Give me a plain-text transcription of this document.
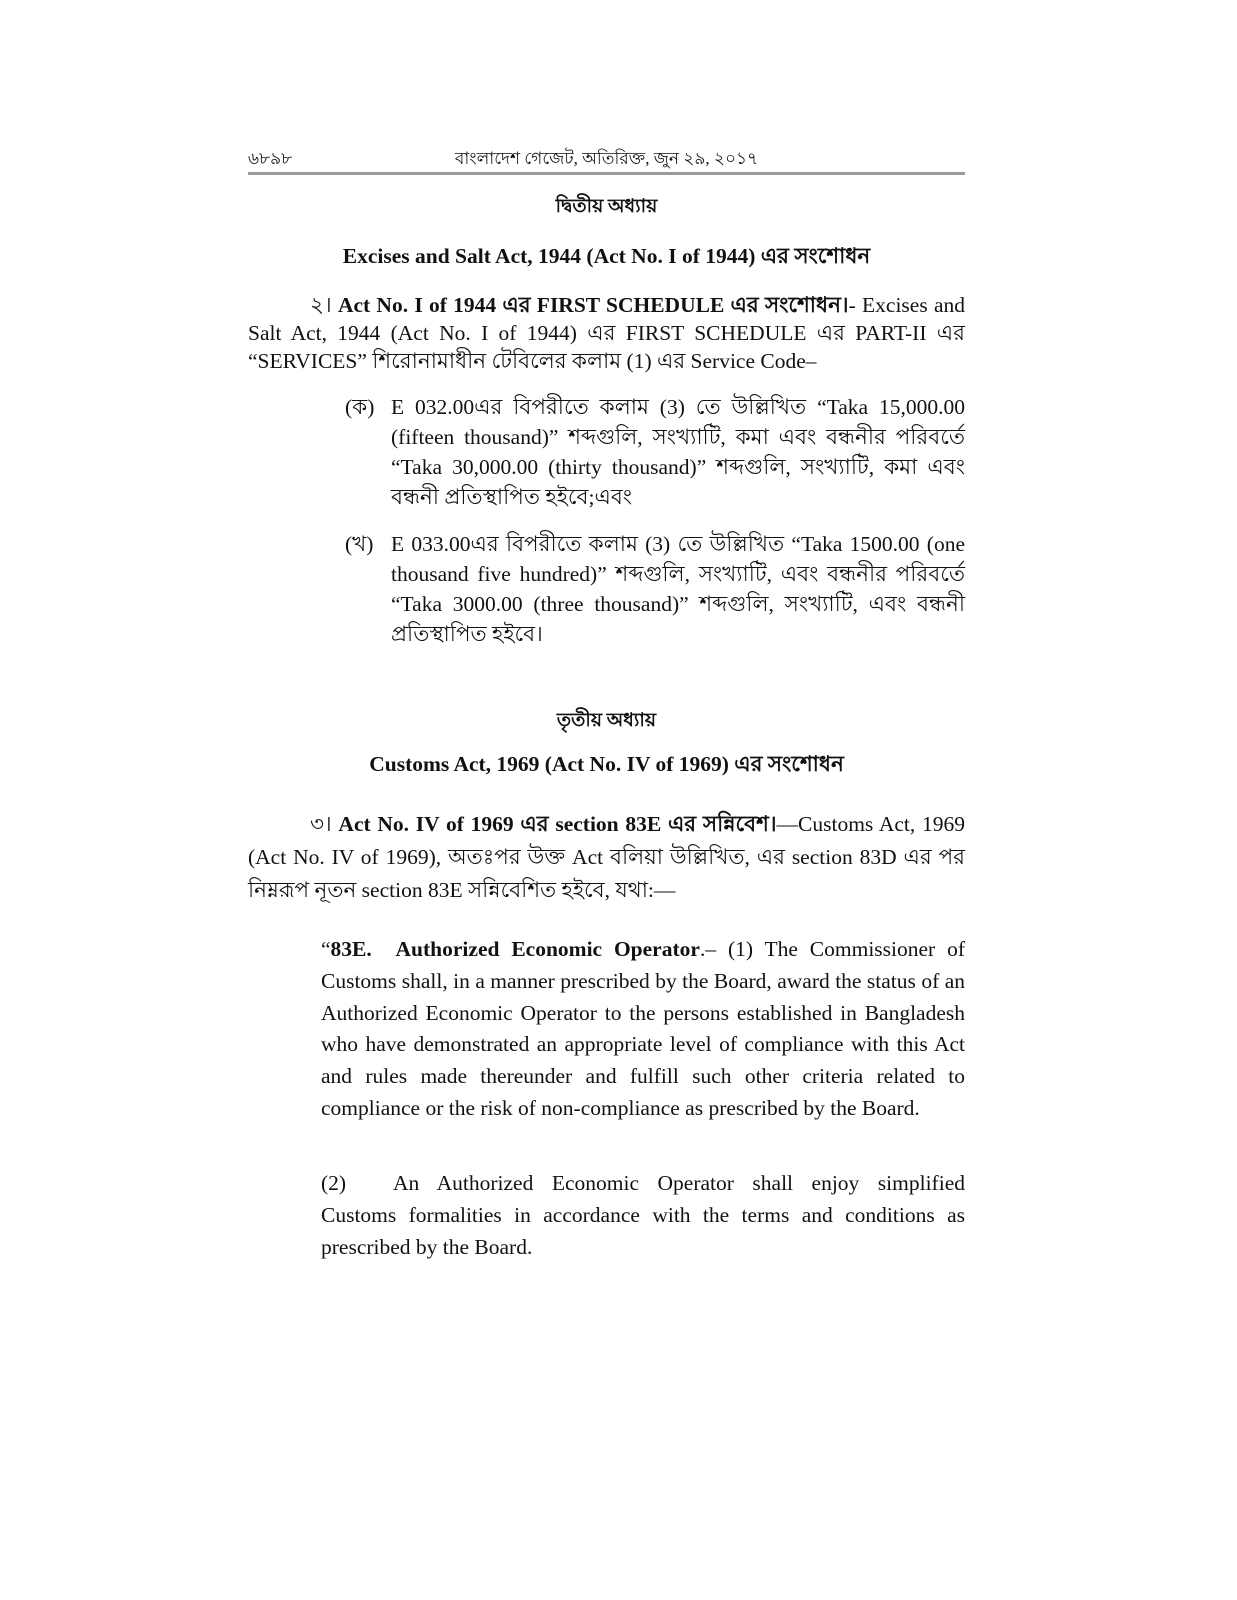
৬৮৯৮	বাংলাদেশ গেজেট, অতিরিক্ত, জুন ২৯, ২০১৭
দ্বিতীয় অধ্যায়
Excises and Salt Act, 1944 (Act No. I of 1944) এর সংশোধন

২। Act No. I of 1944 এর FIRST SCHEDULE এর সংশোধন।- Excises and Salt Act, 1944 (Act No. I of 1944) এর FIRST SCHEDULE এর PART-II এর “SERVICES” শিরোনামাধীন টেবিলের কলাম (1) এর Service Code–

(ক) E 032.00এর বিপরীতে কলাম (3) তে উল্লিখিত “Taka 15,000.00 (fifteen thousand)” শব্দগুলি, সংখ্যাটি, কমা এবং বন্ধনীর পরিবর্তে “Taka 30,000.00 (thirty thousand)” শব্দগুলি, সংখ্যাটি, কমা এবং বন্ধনী প্রতিস্থাপিত হইবে;এবং
(খ) E 033.00এর বিপরীতে কলাম (3) তে উল্লিখিত “Taka 1500.00 (one thousand five hundred)” শব্দগুলি, সংখ্যাটি, এবং বন্ধনীর পরিবর্তে “Taka 3000.00 (three thousand)” শব্দগুলি, সংখ্যাটি, এবং বন্ধনী প্রতিস্থাপিত হইবে।
তৃতীয় অধ্যায়
Customs Act, 1969 (Act No. IV of 1969) এর সংশোধন

৩। Act No. IV of 1969 এর section 83E এর সন্নিবেশ।—Customs Act, 1969 (Act No. IV of 1969), অতঃপর উক্ত Act বলিয়া উল্লিখিত, এর section 83D এর পর নিম্নরূপ নূতন section 83E সন্নিবেশিত হইবে, যথা:—

“83E. Authorized Economic Operator.– (1) The Commissioner of Customs shall, in a manner prescribed by the Board, award the status of an Authorized Economic Operator to the persons established in Bangladesh who have demonstrated an appropriate level of compliance with this Act and rules made thereunder and fulfill such other criteria related to compliance or the risk of non-compliance as prescribed by the Board.

(2) An Authorized Economic Operator shall enjoy simplified Customs formalities in accordance with the terms and conditions as prescribed by the Board.
